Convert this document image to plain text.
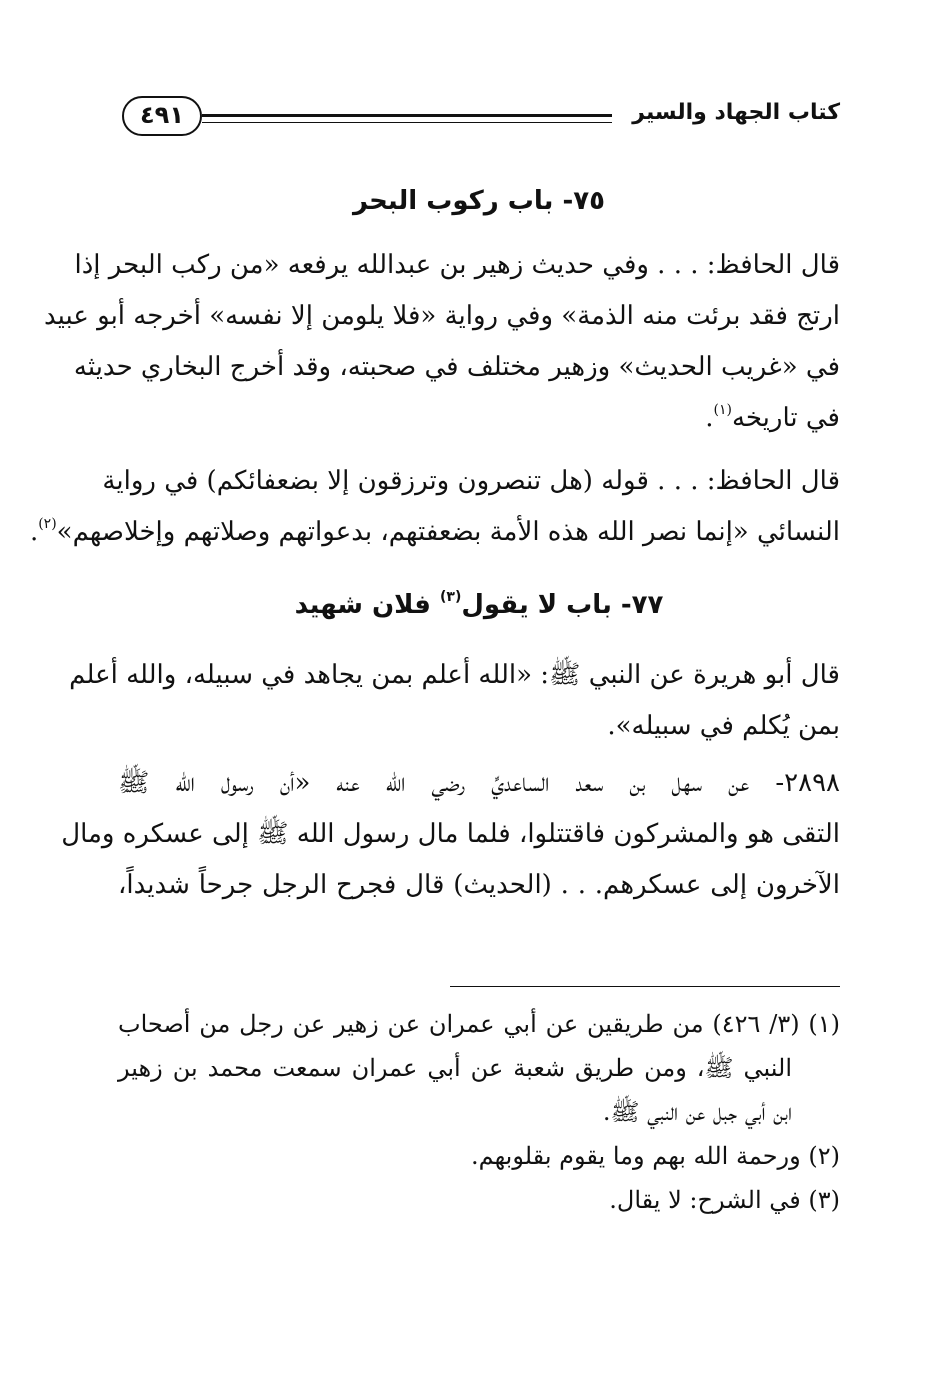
كتاب الجهاد والسير
٤٩١
٧٥- باب ركوب البحر

قال الحافظ: . . . وفي حديث زهير بن عبدالله يرفعه «من ركب البحر إذا
ارتج فقد برئت منه الذمة» وفي رواية «فلا يلومن إلا نفسه» أخرجه أبو عبيد
في «غريب الحديث» وزهير مختلف في صحبته، وقد أخرج البخاري حديثه
في تاريخه$^{(١)}$.

قال الحافظ: . . . قوله (هل تنصرون وترزقون إلا بضعفائكم) في رواية
النسائي «إنما نصر الله هذه الأمة بضعفتهم، بدعواتهم وصلاتهم وإخلاصهم»$^{(٢)}$.

٧٧- باب لا يقول$^{(٣)}$ فلان شهيد

قال أبو هريرة عن النبي ﷺ: «الله أعلم بمن يجاهد في سبيله، والله أعلم
بمن يُكلم في سبيله».

٢٨٩٨- عن سهل بن سعد الساعديِّ رضي الله عنه «أن رسول الله ﷺ
التقى هو والمشركون فاقتتلوا، فلما مال رسول الله ﷺ إلى عسكره ومال
الآخرون إلى عسكرهم. . . (الحديث) قال فجرح الرجل جرحاً شديداً،

(١) (٣/ ٤٢٦) من طريقين عن أبي عمران عن زهير عن رجل من أصحاب
النبي ﷺ، ومن طريق شعبة عن أبي عمران سمعت محمد بن زهير
ابن أبي جبل عن النبي ﷺ.
(٢) ورحمة الله بهم وما يقوم بقلوبهم.
(٣) في الشرح: لا يقال.
